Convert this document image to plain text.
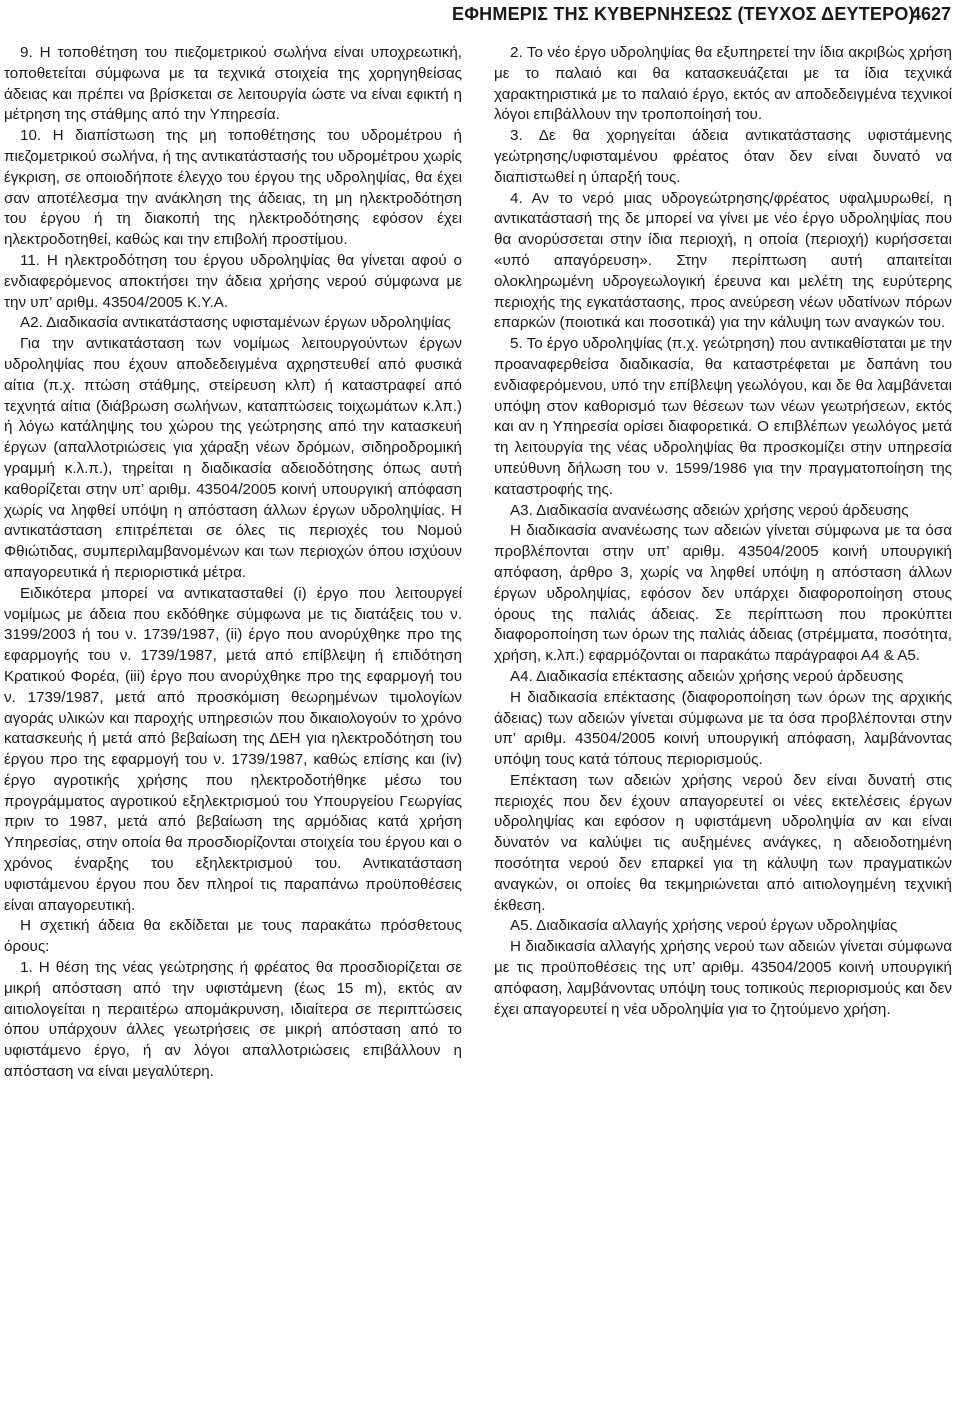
ΕΦΗΜΕΡΙΣ ΤΗΣ ΚΥΒΕΡΝΗΣΕΩΣ (ΤΕΥΧΟΣ ΔΕΥΤΕΡΟ)
4627

9. Η τοποθέτηση του πιεζομετρικού σωλήνα είναι υποχρεωτική, τοποθετείται σύμφωνα με τα τεχνικά στοιχεία της χορηγηθείσας άδειας και πρέπει να βρίσκεται σε λειτουργία ώστε να είναι εφικτή η μέτρηση της στάθμης από την Υπηρεσία.

10. Η διαπίστωση της μη τοποθέτησης του υδρομέτρου ή πιεζομετρικού σωλήνα, ή της αντικατάστασής του υδρομέτρου χωρίς έγκριση, σε οποιοδήποτε έλεγχο του έργου της υδροληψίας, θα έχει σαν αποτέλεσμα την ανάκληση της άδειας, τη μη ηλεκτροδότηση του έργου ή τη διακοπή της ηλεκτροδότησης εφόσον έχει ηλεκτροδοτηθεί, καθώς και την επιβολή προστίμου.

11. Η ηλεκτροδότηση του έργου υδροληψίας θα γίνεται αφού ο ενδιαφερόμενος αποκτήσει την άδεια χρήσης νερού σύμφωνα με την υπ’ αριθμ. 43504/2005 Κ.Υ.Α.

Α2. Διαδικασία αντικατάστασης υφισταμένων έργων υδροληψίας

Για την αντικατάσταση των νομίμως λειτουργούντων έργων υδροληψίας που έχουν αποδεδειγμένα αχρηστευθεί από φυσικά αίτια (π.χ. πτώση στάθμης, στείρευση κλπ) ή καταστραφεί από τεχνητά αίτια (διάβρωση σωλήνων, καταπτώσεις τοιχωμάτων κ.λπ.) ή λόγω κατάληψης του χώρου της γεώτρησης από την κατασκευή έργων (απαλλοτριώσεις για χάραξη νέων δρόμων, σιδηροδρομική γραμμή κ.λ.π.), τηρείται η διαδικασία αδειοδότησης όπως αυτή καθορίζεται στην υπ’ αριθμ. 43504/2005 κοινή υπουργική απόφαση χωρίς να ληφθεί υπόψη η απόσταση άλλων έργων υδροληψίας. Η αντικατάσταση επιτρέπεται σε όλες τις περιοχές του Νομού Φθιώτιδας, συμπεριλαμβανομένων και των περιοχών όπου ισχύουν απαγορευτικά ή περιοριστικά μέτρα.

Ειδικότερα μπορεί να αντικατασταθεί (i) έργο που λειτουργεί νομίμως με άδεια που εκδόθηκε σύμφωνα με τις διατάξεις του ν. 3199/2003 ή του ν. 1739/1987, (ii) έργο που ανορύχθηκε προ της εφαρμογής του ν. 1739/1987, μετά από επίβλεψη ή επιδότηση Κρατικού Φορέα, (iii) έργο που ανορύχθηκε προ της εφαρμογή του ν. 1739/1987, μετά από προσκόμιση θεωρημένων τιμολογίων αγοράς υλικών και παροχής υπηρεσιών που δικαιολογούν το χρόνο κατασκευής ή μετά από βεβαίωση της ΔΕΗ για ηλεκτροδότηση του έργου προ της εφαρμογή του ν. 1739/1987, καθώς επίσης και (iv) έργο αγροτικής χρήσης που ηλεκτροδοτήθηκε μέσω του προγράμματος αγροτικού εξηλεκτρισμού του Υπουργείου Γεωργίας πριν το 1987, μετά από βεβαίωση της αρμόδιας κατά χρήση Υπηρεσίας, στην οποία θα προσδιορίζονται στοιχεία του έργου και ο χρόνος έναρξης του εξηλεκτρισμού του. Αντικατάσταση υφιστάμενου έργου που δεν πληροί τις παραπάνω προϋποθέσεις είναι απαγορευτική.

Η σχετική άδεια θα εκδίδεται με τους παρακάτω πρόσθετους όρους:

1. Η θέση της νέας γεώτρησης ή φρέατος θα προσδιορίζεται σε μικρή απόσταση από την υφιστάμενη (έως 15 m), εκτός αν αιτιολογείται η περαιτέρω απομάκρυνση, ιδιαίτερα σε περιπτώσεις όπου υπάρχουν άλλες γεωτρήσεις σε μικρή απόσταση από το υφιστάμενο έργο, ή αν λόγοι απαλλοτριώσεις επιβάλλουν η απόσταση να είναι μεγαλύτερη.

2. Το νέο έργο υδροληψίας θα εξυπηρετεί την ίδια ακριβώς χρήση με το παλαιό και θα κατασκευάζεται με τα ίδια τεχνικά χαρακτηριστικά με το παλαιό έργο, εκτός αν αποδεδειγμένα τεχνικοί λόγοι επιβάλλουν την τροποποίησή του.

3. Δε θα χορηγείται άδεια αντικατάστασης υφιστάμενης γεώτρησης/υφισταμένου φρέατος όταν δεν είναι δυνατό να διαπιστωθεί η ύπαρξή τους.

4. Αν το νερό μιας υδρογεώτρησης/φρέατος υφαλμυρωθεί, η αντικατάστασή της δε μπορεί να γίνει με νέο έργο υδροληψίας που θα ανορύσσεται στην ίδια περιοχή, η οποία (περιοχή) κυρήσσεται «υπό απαγόρευση». Στην περίπτωση αυτή απαιτείται ολοκληρωμένη υδρογεωλογική έρευνα και μελέτη της ευρύτερης περιοχής της εγκατάστασης, προς ανεύρεση νέων υδατίνων πόρων επαρκών (ποιοτικά και ποσοτικά) για την κάλυψη των αναγκών του.

5. Το έργο υδροληψίας (π.χ. γεώτρηση) που αντικαθίσταται με την προαναφερθείσα διαδικασία, θα καταστρέφεται με δαπάνη του ενδιαφερόμενου, υπό την επίβλεψη γεωλόγου, και δε θα λαμβάνεται υπόψη στον καθορισμό των θέσεων των νέων γεωτρήσεων, εκτός και αν η Υπηρεσία ορίσει διαφορετικά. Ο επιβλέπων γεωλόγος μετά τη λειτουργία της νέας υδροληψίας θα προσκομίζει στην υπηρεσία υπεύθυνη δήλωση του ν. 1599/1986 για την πραγματοποίηση της καταστροφής της.

Α3. Διαδικασία ανανέωσης αδειών χρήσης νερού άρδευσης

Η διαδικασία ανανέωσης των αδειών γίνεται σύμφωνα με τα όσα προβλέπονται στην υπ’ αριθμ. 43504/2005 κοινή υπουργική απόφαση, άρθρο 3, χωρίς να ληφθεί υπόψη η απόσταση άλλων έργων υδροληψίας, εφόσον δεν υπάρχει διαφοροποίηση στους όρους της παλιάς άδειας. Σε περίπτωση που προκύπτει διαφοροποίηση των όρων της παλιάς άδειας (στρέμματα, ποσότητα, χρήση, κ.λπ.) εφαρμόζονται οι παρακάτω παράγραφοι Α4 & Α5.

Α4. Διαδικασία επέκτασης αδειών χρήσης νερού άρδευσης

Η διαδικασία επέκτασης (διαφοροποίηση των όρων της αρχικής άδειας) των αδειών γίνεται σύμφωνα με τα όσα προβλέπονται στην υπ’ αριθμ. 43504/2005 κοινή υπουργική απόφαση, λαμβάνοντας υπόψη τους κατά τόπους περιορισμούς.

Επέκταση των αδειών χρήσης νερού δεν είναι δυνατή στις περιοχές που δεν έχουν απαγορευτεί οι νέες εκτελέσεις έργων υδροληψίας και εφόσον η υφιστάμενη υδροληψία αν και είναι δυνατόν να καλύψει τις αυξημένες ανάγκες, η αδειοδοτημένη ποσότητα νερού δεν επαρκεί για τη κάλυψη των πραγματικών αναγκών, οι οποίες θα τεκμηριώνεται από αιτιολογημένη τεχνική έκθεση.

Α5. Διαδικασία αλλαγής χρήσης νερού έργων υδροληψίας

Η διαδικασία αλλαγής χρήσης νερού των αδειών γίνεται σύμφωνα με τις προϋποθέσεις της υπ’ αριθμ. 43504/2005 κοινή υπουργική απόφαση, λαμβάνοντας υπόψη τους τοπικούς περιορισμούς και δεν έχει απαγορευτεί η νέα υδροληψία για το ζητούμενο χρήση.
